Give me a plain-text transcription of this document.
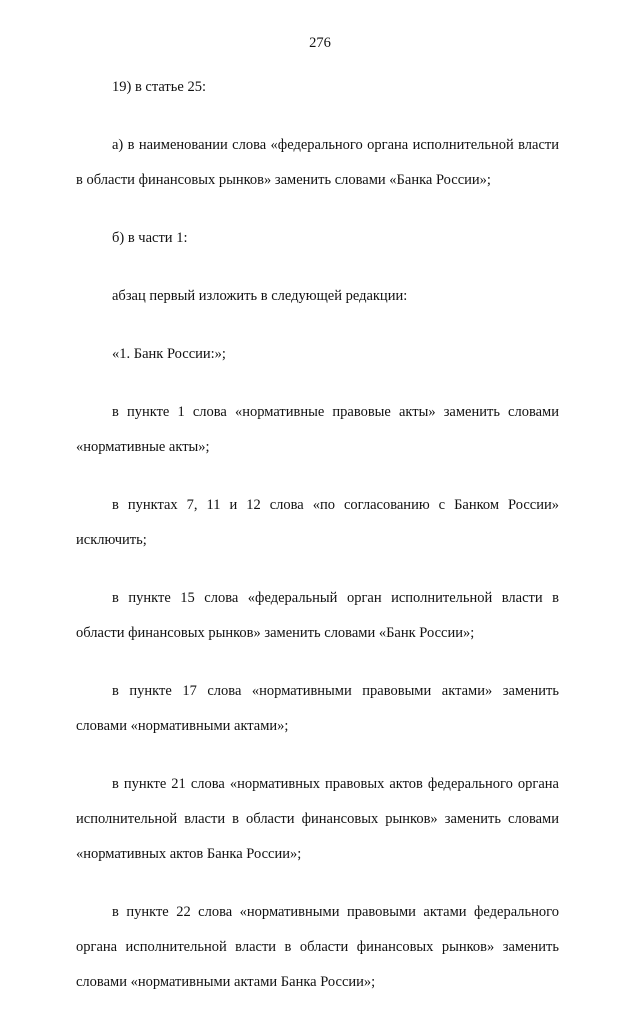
276

19) в статье 25:

а) в наименовании слова «федерального органа исполнительной власти в области финансовых рынков» заменить словами «Банка России»;

б) в части 1:

абзац первый изложить в следующей редакции:

«1. Банк России:»;

в пункте 1 слова «нормативные правовые акты» заменить словами «нормативные акты»;

в пунктах 7, 11 и 12 слова «по согласованию с Банком России» исключить;

в пункте 15 слова «федеральный орган исполнительной власти в области финансовых рынков» заменить словами «Банк России»;

в пункте 17 слова «нормативными правовыми актами» заменить словами «нормативными актами»;

в пункте 21 слова «нормативных правовых актов федерального органа исполнительной власти в области финансовых рынков» заменить словами «нормативных актов Банка России»;

в пункте 22 слова «нормативными правовыми актами федерального органа исполнительной власти в области финансовых рынков» заменить словами «нормативными актами Банка России»;
